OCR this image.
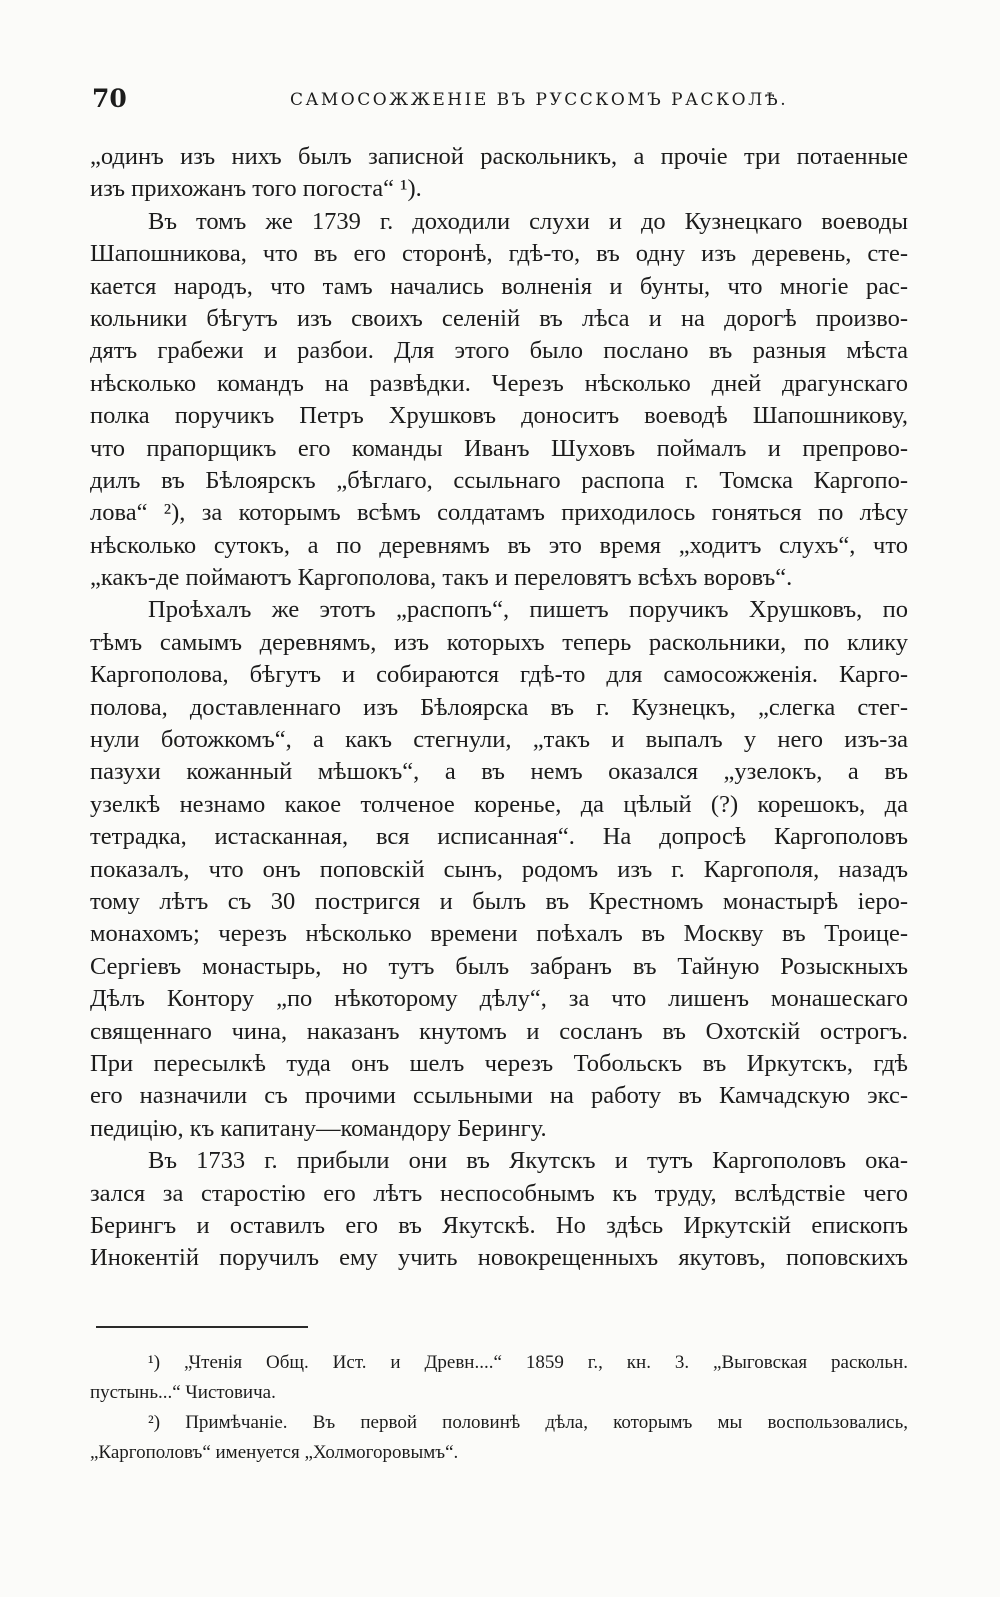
70	САМОСОЖЖЕНІЕ ВЪ РУССКОМЪ РАСКОЛѢ.
„одинъ изъ нихъ былъ записной раскольникъ, а прочіе три потаенные
изъ прихожанъ того погоста“ ¹).
Въ томъ же 1739 г. доходили слухи и до Кузнецкаго воеводы
Шапошникова, что въ его сторонѣ, гдѣ-то, въ одну изъ деревень, сте-
кается народъ, что тамъ начались волненія и бунты, что многіе рас-
кольники бѣгутъ изъ своихъ селеній въ лѣса и на дорогѣ произво-
дятъ грабежи и разбои. Для этого было послано въ разныя мѣста
нѣсколько командъ на развѣдки. Черезъ нѣсколько дней драгунскаго
полка поручикъ Петръ Хрушковъ доноситъ воеводѣ Шапошникову,
что прапорщикъ его команды Иванъ Шуховъ поймалъ и препрово-
дилъ въ Бѣлоярскъ „бѣглаго, ссыльнаго распопа г. Томска Каргопо-
лова“ ²), за которымъ всѣмъ солдатамъ приходилось гоняться по лѣсу
нѣсколько сутокъ, а по деревнямъ въ это время „ходитъ слухъ“, что
„какъ-де поймаютъ Каргополова, такъ и переловятъ всѣхъ воровъ“.
Проѣхалъ же этотъ „распопъ“, пишетъ поручикъ Хрушковъ, по
тѣмъ самымъ деревнямъ, изъ которыхъ теперь раскольники, по клику
Каргополова, бѣгутъ и собираются гдѣ-то для самосожженія. Карго-
полова, доставленнаго изъ Бѣлоярска въ г. Кузнецкъ, „слегка стег-
нули ботожкомъ“, а какъ стегнули, „такъ и выпалъ у него изъ-за
пазухи кожанный мѣшокъ“, а въ немъ оказался „узелокъ, а въ
узелкѣ незнамо какое толченое коренье, да цѣлый (?) корешокъ, да
тетрадка, истасканная, вся исписанная“. На допросѣ Каргополовъ
показалъ, что онъ поповскій сынъ, родомъ изъ г. Каргополя, назадъ
тому лѣтъ съ 30 постригся и былъ въ Крестномъ монастырѣ іеро-
монахомъ; черезъ нѣсколько времени поѣхалъ въ Москву въ Троице-
Сергіевъ монастырь, но тутъ былъ забранъ въ Тайную Розыскныхъ
Дѣлъ Контору „по нѣкоторому дѣлу“, за что лишенъ монашескаго
священнаго чина, наказанъ кнутомъ и сосланъ въ Охотскій острогъ.
При пересылкѣ туда онъ шелъ черезъ Тобольскъ въ Иркутскъ, гдѣ
его назначили съ прочими ссыльными на работу въ Камчадскую экс-
педицію, къ капитану—командору Берингу.
Въ 1733 г. прибыли они въ Якутскъ и тутъ Каргополовъ ока-
зался за старостію его лѣтъ неспособнымъ къ труду, вслѣдствіе чего
Берингъ и оставилъ его въ Якутскѣ. Но здѣсь Иркутскій епископъ
Инокентій поручилъ ему учить новокрещенныхъ якутовъ, поповскихъ
¹) „Чтенія Общ. Ист. и Древн....“ 1859 г., кн. 3. „Выговская раскольн.
пустынь...“ Чистовича.
²) Примѣчаніе. Въ первой половинѣ дѣла, которымъ мы воспользовались,
„Каргополовъ“ именуется „Холмогоровымъ“.
